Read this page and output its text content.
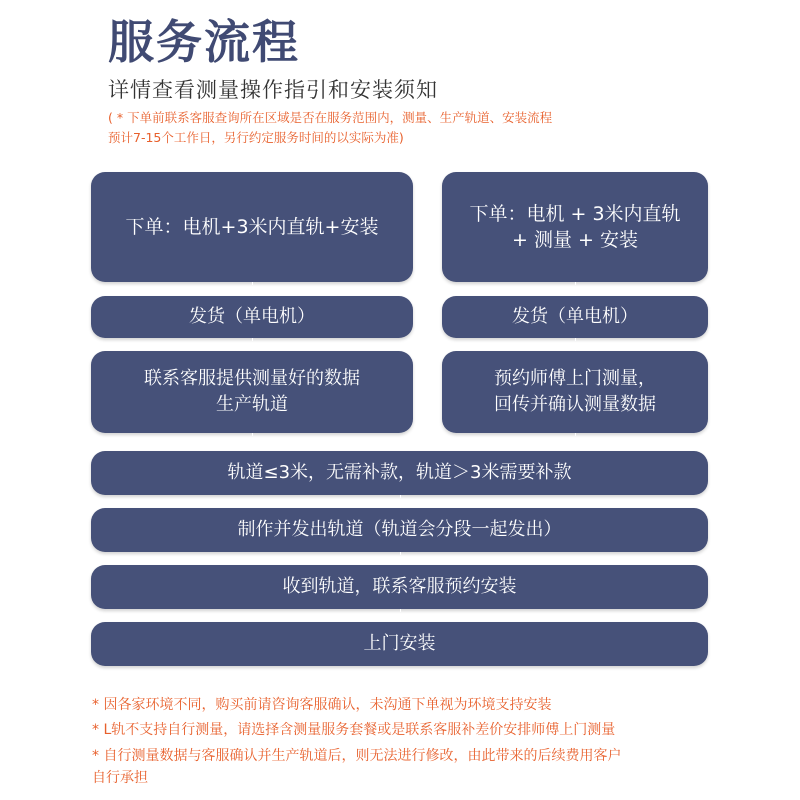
服务流程
详情查看测量操作指引和安装须知
( * 下单前联系客服查询所在区域是否在服务范围内，测量、生产轨道、安装流程
预计7-15个工作日，另行约定服务时间的以实际为准)
下单：电机+3米内直轨+安装
发货（单电机）
联系客服提供测量好的数据
生产轨道
下单：电机 + 3米内直轨
+ 测量 + 安装
发货（单电机）
预约师傅上门测量，
回传并确认测量数据
轨道≤3米，无需补款，轨道＞3米需要补款
制作并发出轨道（轨道会分段一起发出）
收到轨道，联系客服预约安装
上门安装
* 因各家环境不同，购买前请咨询客服确认，未沟通下单视为环境支持安装
* L轨不支持自行测量，请选择含测量服务套餐或是联系客服补差价安排师傅上门测量
* 自行测量数据与客服确认并生产轨道后，则无法进行修改，由此带来的后续费用客户
自行承担
